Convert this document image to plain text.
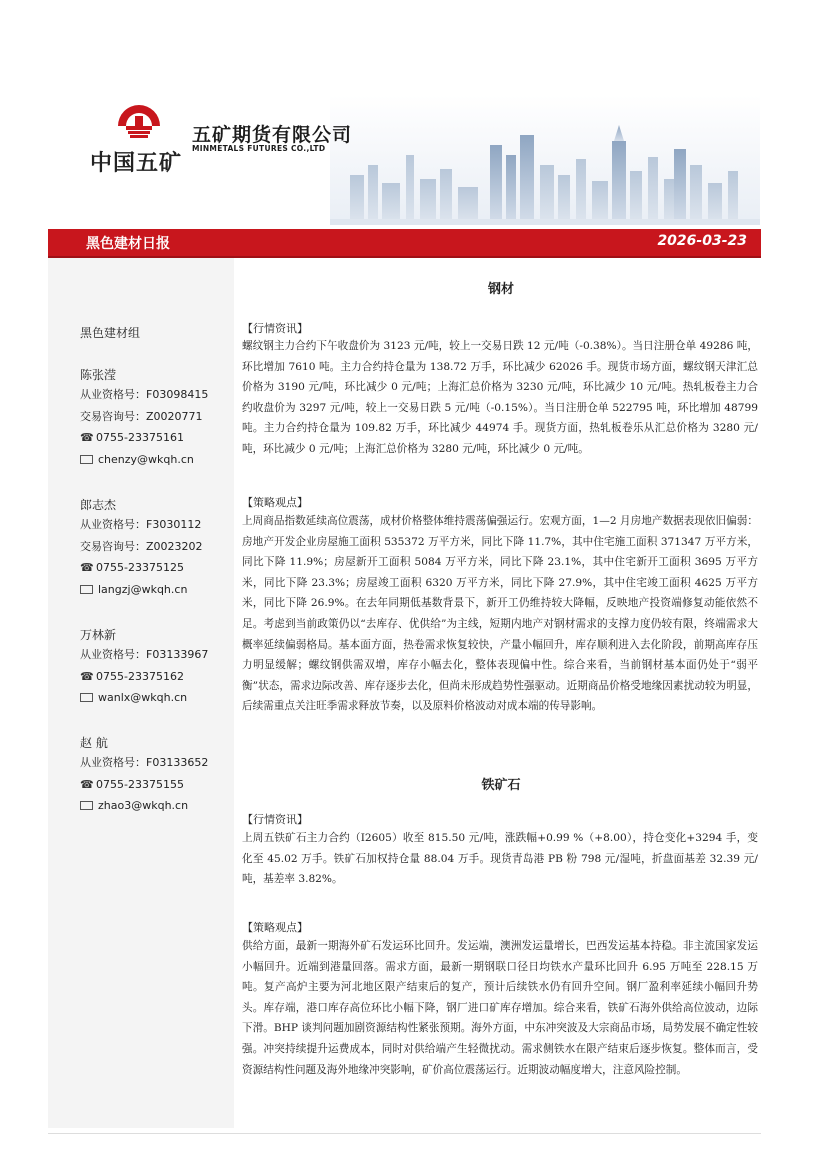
中国五矿
五矿期货有限公司
MINMETALS FUTURES CO.,LTD
黑色建材日报	2026-03-23
黑色建材组
陈张滢
从业资格号：F03098415
交易咨询号：Z0020771
☎ 0755-23375161
chenzy@wkqh.cn
郎志杰
从业资格号：F3030112
交易咨询号：Z0023202
☎ 0755-23375125
langzj@wkqh.cn
万林新
从业资格号：F03133967
☎ 0755-23375162
wanlx@wkqh.cn
赵 航
从业资格号：F03133652
☎ 0755-23375155
zhao3@wkqh.cn
钢材
【行情资讯】
螺纹钢主力合约下午收盘价为 3123 元/吨，较上一交易日跌 12 元/吨（-0.38%）。当日注册仓单 49286 吨，环比增加 7610 吨。主力合约持仓量为 138.72 万手，环比减少 62026 手。现货市场方面，螺纹钢天津汇总价格为 3190 元/吨，环比减少 0 元/吨；上海汇总价格为 3230 元/吨，环比减少 10 元/吨。热轧板卷主力合约收盘价为 3297 元/吨，较上一交易日跌 5 元/吨（-0.15%）。当日注册仓单 522795 吨，环比增加 48799 吨。主力合约持仓量为 109.82 万手，环比减少 44974 手。现货方面，热轧板卷乐从汇总价格为 3280 元/吨，环比减少 0 元/吨；上海汇总价格为 3280 元/吨，环比减少 0 元/吨。
【策略观点】
上周商品指数延续高位震荡，成材价格整体维持震荡偏强运行。宏观方面，1—2 月房地产数据表现依旧偏弱：房地产开发企业房屋施工面积 535372 万平方米，同比下降 11.7%，其中住宅施工面积 371347 万平方米，同比下降 11.9%；房屋新开工面积 5084 万平方米，同比下降 23.1%，其中住宅新开工面积 3695 万平方米，同比下降 23.3%；房屋竣工面积 6320 万平方米，同比下降 27.9%，其中住宅竣工面积 4625 万平方米，同比下降 26.9%。在去年同期低基数背景下，新开工仍维持较大降幅，反映地产投资端修复动能依然不足。考虑到当前政策仍以“去库存、优供给”为主线，短期内地产对钢材需求的支撑力度仍较有限，终端需求大概率延续偏弱格局。基本面方面，热卷需求恢复较快，产量小幅回升，库存顺利进入去化阶段，前期高库存压力明显缓解；螺纹钢供需双增，库存小幅去化，整体表现偏中性。综合来看，当前钢材基本面仍处于“弱平衡”状态，需求边际改善、库存逐步去化，但尚未形成趋势性强驱动。近期商品价格受地缘因素扰动较为明显，后续需重点关注旺季需求释放节奏，以及原料价格波动对成本端的传导影响。
铁矿石
【行情资讯】
上周五铁矿石主力合约（I2605）收至 815.50 元/吨，涨跌幅+0.99 %（+8.00），持仓变化+3294 手，变化至 45.02 万手。铁矿石加权持仓量 88.04 万手。现货青岛港 PB 粉 798 元/湿吨，折盘面基差 32.39 元/吨，基差率 3.82%。
【策略观点】
供给方面，最新一期海外矿石发运环比回升。发运端，澳洲发运量增长，巴西发运基本持稳。非主流国家发运小幅回升。近端到港量回落。需求方面，最新一期钢联口径日均铁水产量环比回升 6.95 万吨至 228.15 万吨。复产高炉主要为河北地区限产结束后的复产，预计后续铁水仍有回升空间。钢厂盈利率延续小幅回升势头。库存端，港口库存高位环比小幅下降，钢厂进口矿库存增加。综合来看，铁矿石海外供给高位波动，边际下滑。BHP 谈判问题加剧资源结构性紧张预期。海外方面，中东冲突波及大宗商品市场，局势发展不确定性较强。冲突持续提升运费成本，同时对供给端产生轻微扰动。需求侧铁水在限产结束后逐步恢复。整体而言，受资源结构性问题及海外地缘冲突影响，矿价高位震荡运行。近期波动幅度增大，注意风险控制。
